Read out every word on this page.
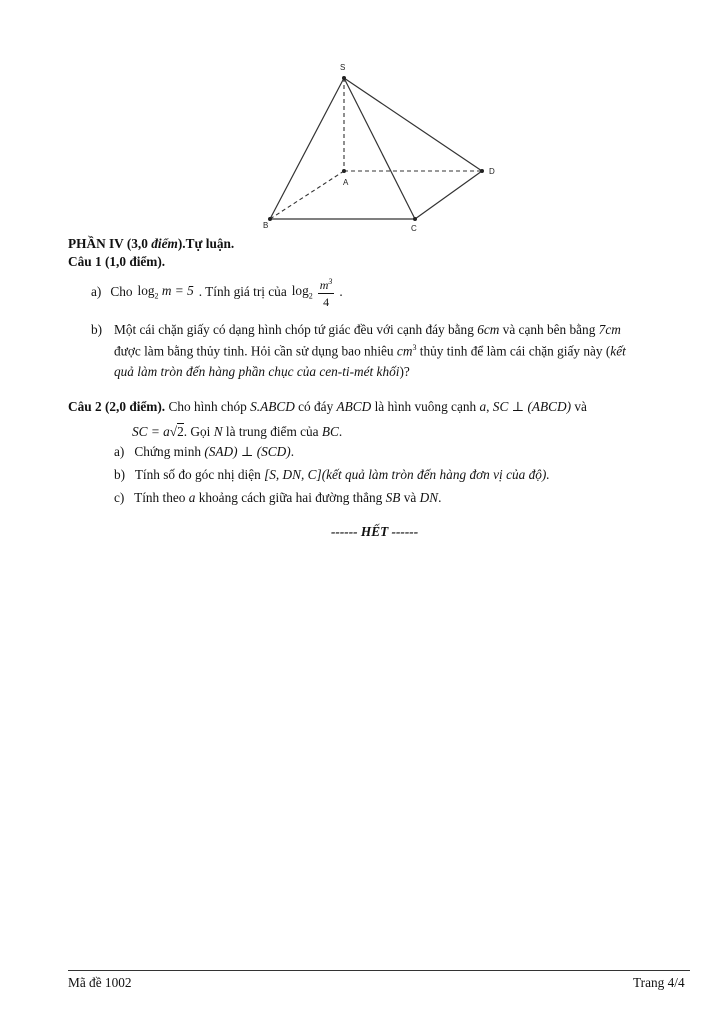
S
A
B	C
D
PHẦN IV (3,0 điểm).Tự luận.
Câu 1 (1,0 điểm).
a) Cho $\log_2 m = 5$ . Tính giá trị của $\log_2 \frac{m^3}{4}$ .
b) Một cái chặn giấy có dạng hình chóp tứ giác đều với cạnh đáy bằng 6cm và cạnh bên bằng 7cm
được làm bằng thủy tinh. Hỏi cần sử dụng bao nhiêu $cm^3$ thủy tinh để làm cái chặn giấy này (kết
quả làm tròn đến hàng phần chục của cen-ti-mét khối)?
Câu 2 (2,0 điểm). Cho hình chóp S.ABCD có đáy ABCD là hình vuông cạnh a, SC ⊥ (ABCD) và
SC = a√2. Gọi N là trung điểm của BC.
a) Chứng minh (SAD) ⊥ (SCD).
b) Tính số đo góc nhị diện [S, DN, C](kết quả làm tròn đến hàng đơn vị của độ).
c) Tính theo a khoảng cách giữa hai đường thẳng SB và DN.
------ HẾT ------
Mã đề 1002	Trang 4/4
